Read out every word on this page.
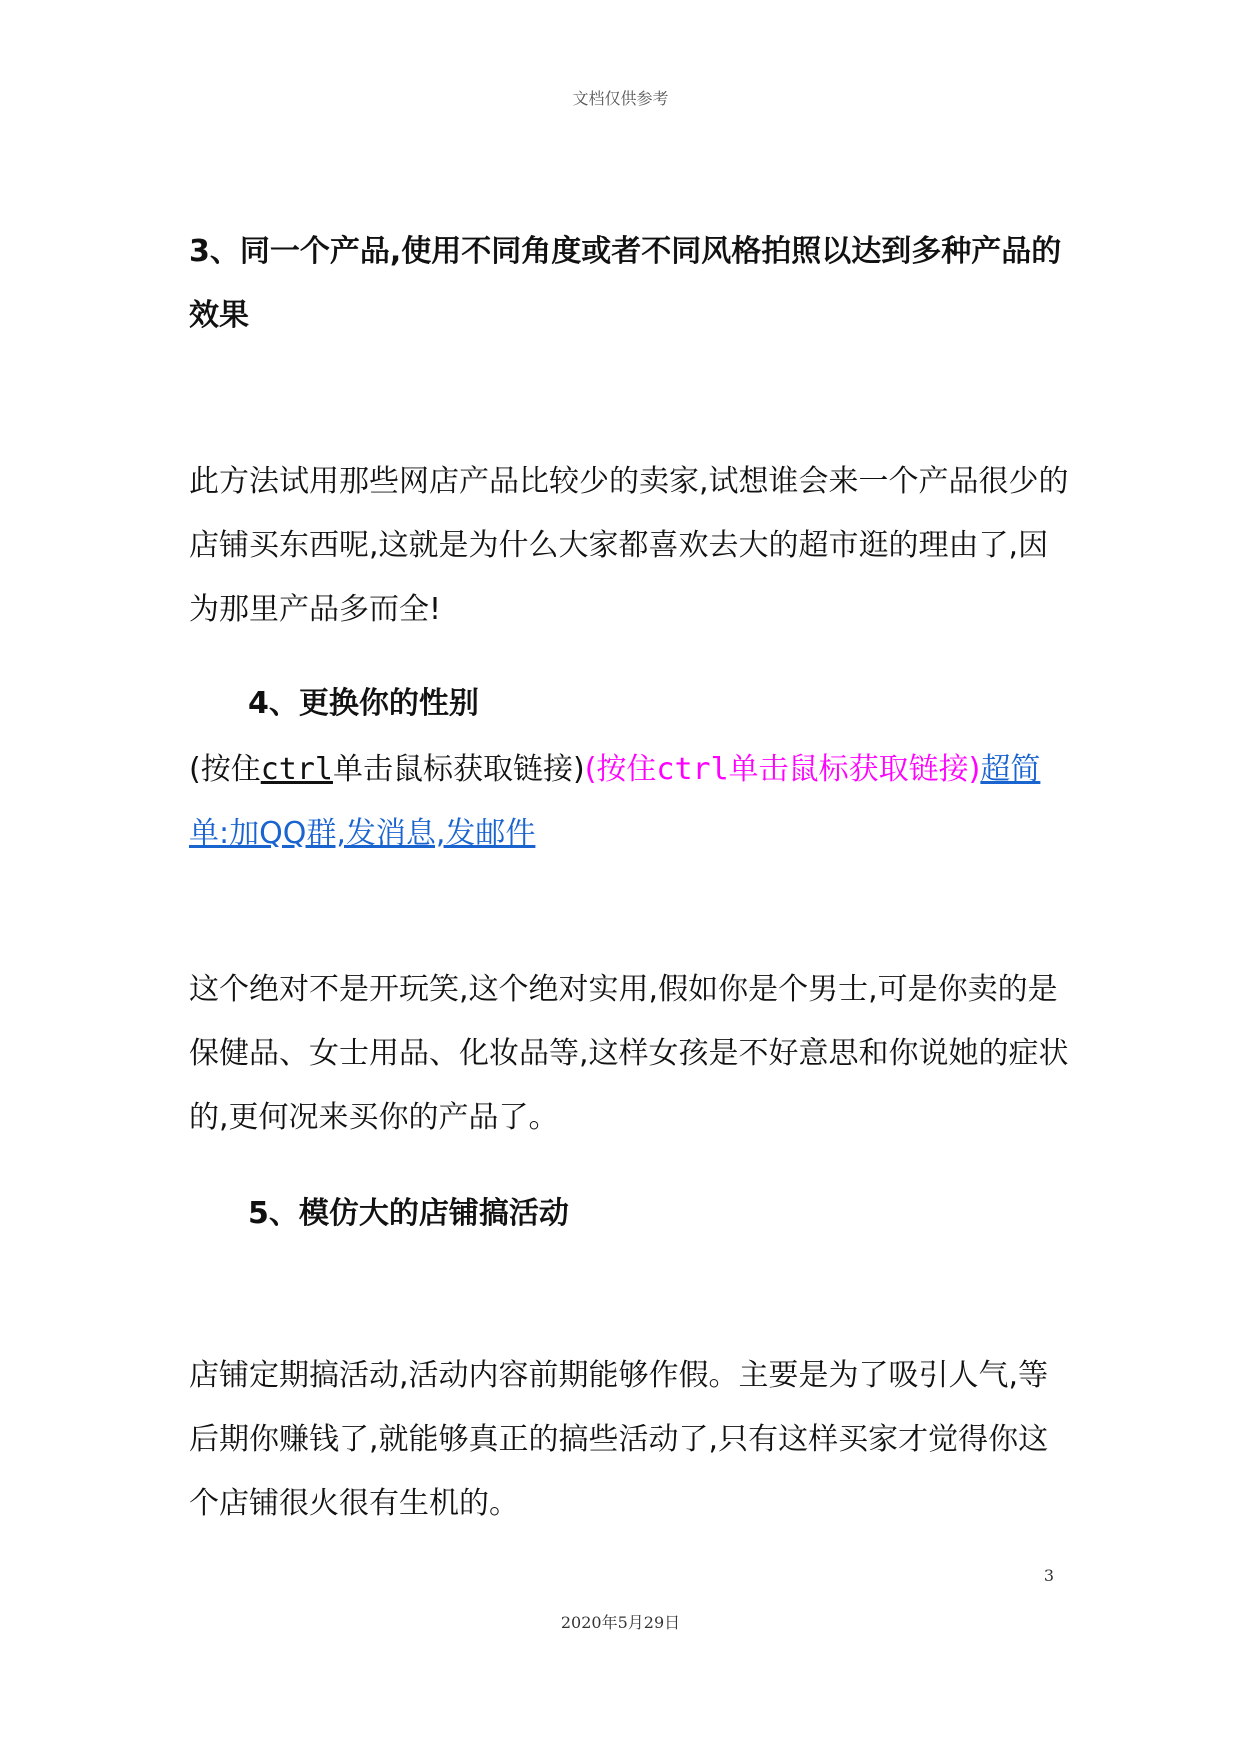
文档仅供参考
3、同一个产品,使用不同角度或者不同风格拍照以达到多种产品的效果
此方法试用那些网店产品比较少的卖家,试想谁会来一个产品很少的店铺买东西呢,这就是为什么大家都喜欢去大的超市逛的理由了,因为那里产品多而全!
4、更换你的性别
(按住ctrl单击鼠标获取链接)(按住ctrl单击鼠标获取链接)超简单:加QQ群,发消息,发邮件
这个绝对不是开玩笑,这个绝对实用,假如你是个男士,可是你卖的是保健品、女士用品、化妆品等,这样女孩是不好意思和你说她的症状的,更何况来买你的产品了。
5、模仿大的店铺搞活动
店铺定期搞活动,活动内容前期能够作假。主要是为了吸引人气,等后期你赚钱了,就能够真正的搞些活动了,只有这样买家才觉得你这个店铺很火很有生机的。
3
2020年5月29日
